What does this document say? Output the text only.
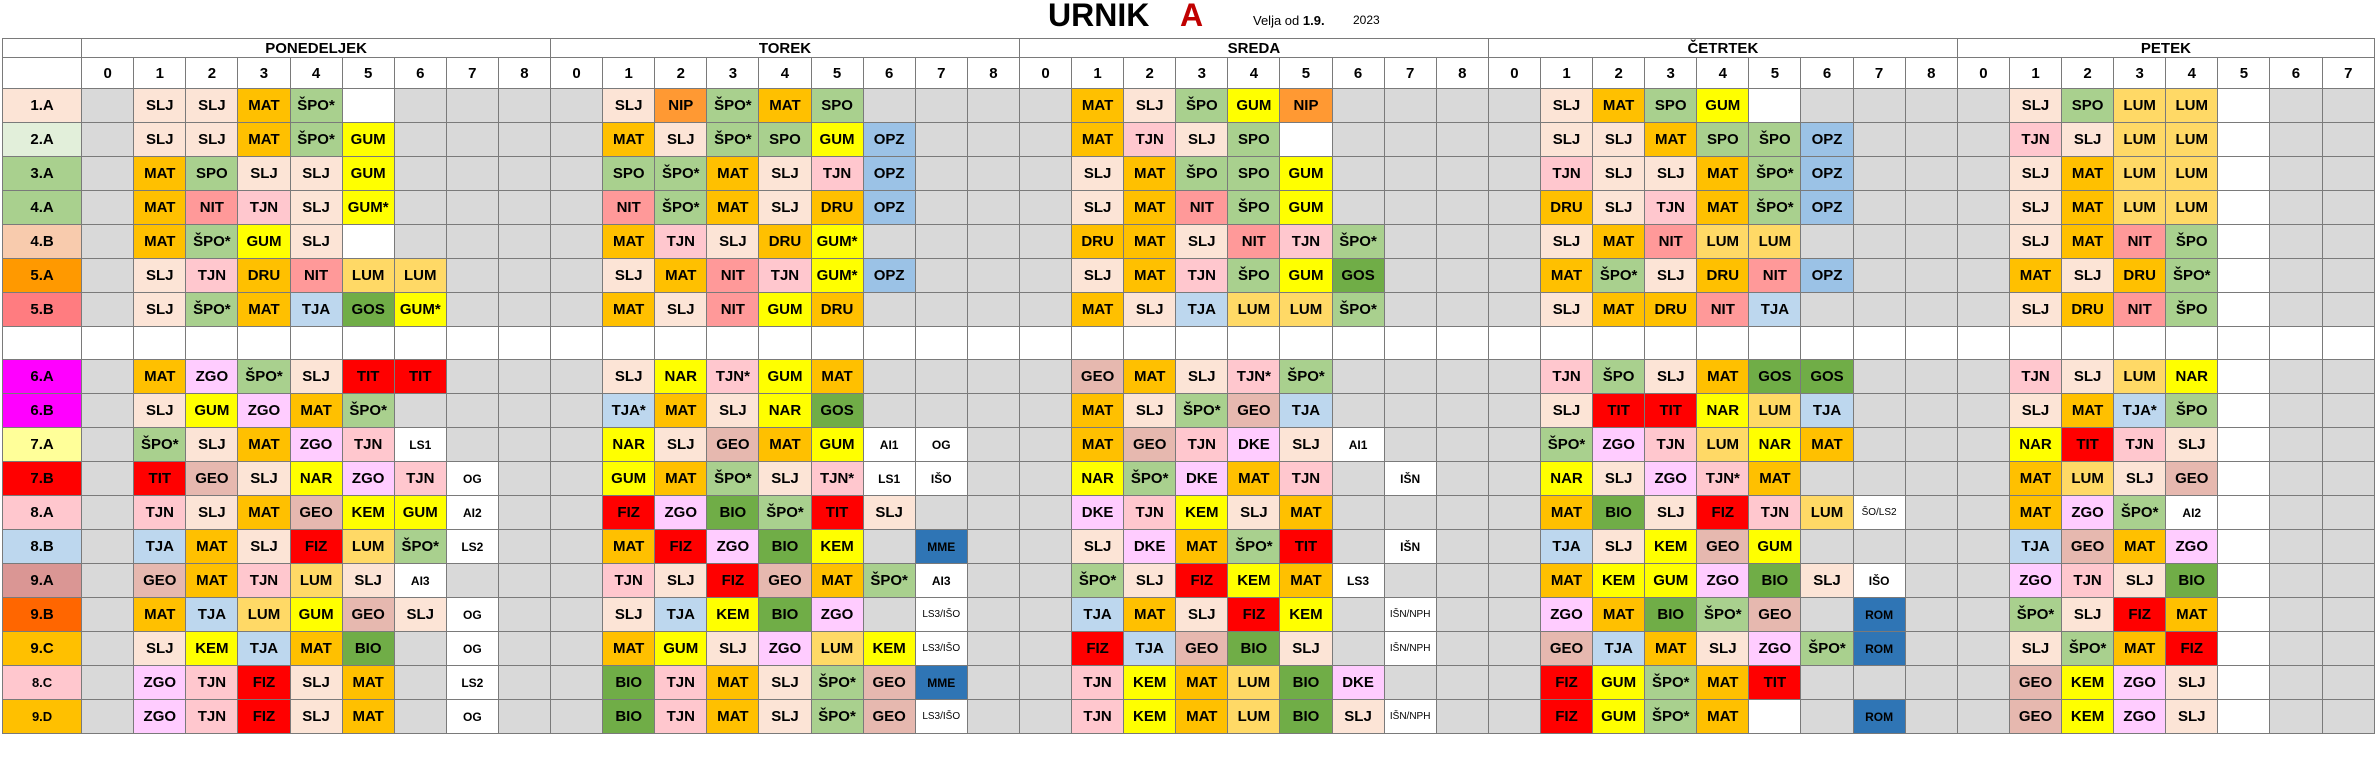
URNIK A	Velja od 1.9. 2023
	PONEDELJEK									TOREK									SREDA									ČETRTEK									PETEK							
	0	1	2	3	4	5	6	7	8	0	1	2	3	4	5	6	7	8	0	1	2	3	4	5	6	7	8	0	1	2	3	4	5	6	7	8	0	1	2	3	4	5	6	7
1.A		SLJ	SLJ	MAT	ŠPO*						SLJ	NIP	ŠPO*	MAT	SPO					MAT	SLJ	ŠPO	GUM	NIP					SLJ	MAT	SPO	GUM						SLJ	SPO	LUM	LUM			
2.A		SLJ	SLJ	MAT	ŠPO*	GUM					MAT	SLJ	ŠPO*	SPO	GUM	OPZ				MAT	TJN	SLJ	SPO						SLJ	SLJ	MAT	SPO	ŠPO	OPZ				TJN	SLJ	LUM	LUM			
3.A		MAT	SPO	SLJ	SLJ	GUM					SPO	ŠPO*	MAT	SLJ	TJN	OPZ				SLJ	MAT	ŠPO	SPO	GUM					TJN	SLJ	SLJ	MAT	ŠPO*	OPZ				SLJ	MAT	LUM	LUM			
4.A		MAT	NIT	TJN	SLJ	GUM*					NIT	ŠPO*	MAT	SLJ	DRU	OPZ				SLJ	MAT	NIT	ŠPO	GUM					DRU	SLJ	TJN	MAT	ŠPO*	OPZ				SLJ	MAT	LUM	LUM			
4.B		MAT	ŠPO*	GUM	SLJ						MAT	TJN	SLJ	DRU	GUM*					DRU	MAT	SLJ	NIT	TJN	ŠPO*				SLJ	MAT	NIT	LUM	LUM					SLJ	MAT	NIT	ŠPO			
5.A		SLJ	TJN	DRU	NIT	LUM	LUM				SLJ	MAT	NIT	TJN	GUM*	OPZ				SLJ	MAT	TJN	ŠPO	GUM	GOS				MAT	ŠPO*	SLJ	DRU	NIT	OPZ				MAT	SLJ	DRU	ŠPO*			
5.B		SLJ	ŠPO*	MAT	TJA	GOS	GUM*				MAT	SLJ	NIT	GUM	DRU					MAT	SLJ	TJA	LUM	LUM	ŠPO*				SLJ	MAT	DRU	NIT	TJA					SLJ	DRU	NIT	ŠPO			

6.A		MAT	ZGO	ŠPO*	SLJ	TIT	TIT				SLJ	NAR	TJN*	GUM	MAT					GEO	MAT	SLJ	TJN*	ŠPO*					TJN	ŠPO	SLJ	MAT	GOS	GOS				TJN	SLJ	LUM	NAR			
6.B		SLJ	GUM	ZGO	MAT	ŠPO*					TJA*	MAT	SLJ	NAR	GOS					MAT	SLJ	ŠPO*	GEO	TJA					SLJ	TIT	TIT	NAR	LUM	TJA				SLJ	MAT	TJA*	ŠPO			
7.A		ŠPO*	SLJ	MAT	ZGO	TJN	LS1				NAR	SLJ	GEO	MAT	GUM	AI1	OG			MAT	GEO	TJN	DKE	SLJ	AI1				ŠPO*	ZGO	TJN	LUM	NAR	MAT				NAR	TIT	TJN	SLJ			
7.B		TIT	GEO	SLJ	NAR	ZGO	TJN	OG			GUM	MAT	ŠPO*	SLJ	TJN*	LS1	IŠO			NAR	ŠPO*	DKE	MAT	TJN		IŠN			NAR	SLJ	ZGO	TJN*	MAT					MAT	LUM	SLJ	GEO			
8.A		TJN	SLJ	MAT	GEO	KEM	GUM	AI2			FIZ	ZGO	BIO	ŠPO*	TIT	SLJ				DKE	TJN	KEM	SLJ	MAT					MAT	BIO	SLJ	FIZ	TJN	LUM	ŠO/LS2			MAT	ZGO	ŠPO*	AI2			
8.B		TJA	MAT	SLJ	FIZ	LUM	ŠPO*	LS2			MAT	FIZ	ZGO	BIO	KEM		MME			SLJ	DKE	MAT	ŠPO*	TIT		IŠN			TJA	SLJ	KEM	GEO	GUM					TJA	GEO	MAT	ZGO			
9.A		GEO	MAT	TJN	LUM	SLJ	AI3				TJN	SLJ	FIZ	GEO	MAT	ŠPO*	AI3			ŠPO*	SLJ	FIZ	KEM	MAT	LS3				MAT	KEM	GUM	ZGO	BIO	SLJ	IŠO			ZGO	TJN	SLJ	BIO			
9.B		MAT	TJA	LUM	GUM	GEO	SLJ	OG			SLJ	TJA	KEM	BIO	ZGO		LS3/IŠO			TJA	MAT	SLJ	FIZ	KEM		IŠN/NPH			ZGO	MAT	BIO	ŠPO*	GEO		ROM			ŠPO*	SLJ	FIZ	MAT			
9.C		SLJ	KEM	TJA	MAT	BIO		OG			MAT	GUM	SLJ	ZGO	LUM	KEM	LS3/IŠO			FIZ	TJA	GEO	BIO	SLJ		IŠN/NPH			GEO	TJA	MAT	SLJ	ZGO	ŠPO*	ROM			SLJ	ŠPO*	MAT	FIZ			
8.C		ZGO	TJN	FIZ	SLJ	MAT		LS2			BIO	TJN	MAT	SLJ	ŠPO*	GEO	MME			TJN	KEM	MAT	LUM	BIO	DKE				FIZ	GUM	ŠPO*	MAT	TIT					GEO	KEM	ZGO	SLJ			
9.D		ZGO	TJN	FIZ	SLJ	MAT		OG			BIO	TJN	MAT	SLJ	ŠPO*	GEO	LS3/IŠO			TJN	KEM	MAT	LUM	BIO	SLJ	IŠN/NPH			FIZ	GUM	ŠPO*	MAT			ROM			GEO	KEM	ZGO	SLJ			
